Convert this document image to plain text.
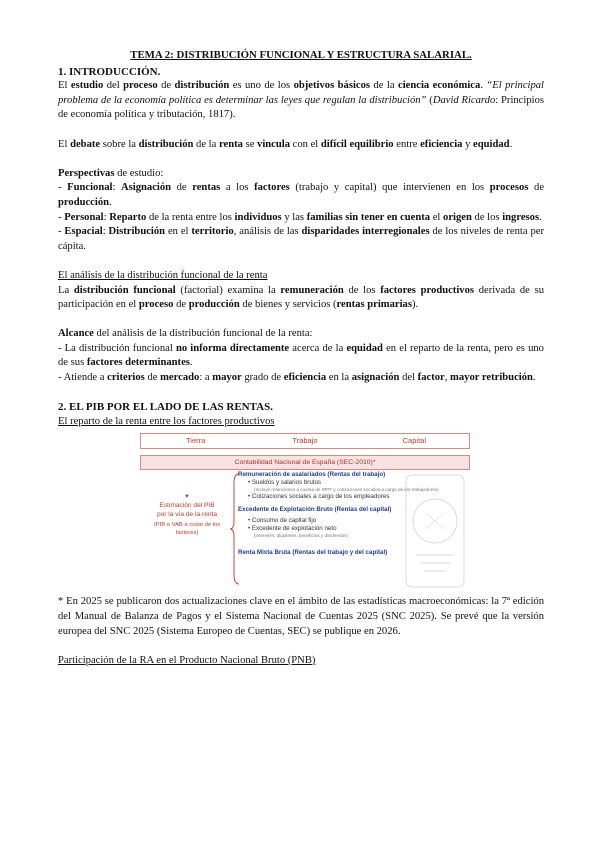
TEMA 2: DISTRIBUCIÓN FUNCIONAL Y ESTRUCTURA SALARIAL.
1. INTRODUCCIÓN.

El estudio del proceso de distribución es uno de los objetivos básicos de la ciencia económica. “El principal problema de la economía política es determinar las leyes que regulan la distribución” (David Ricardo: Principios de economía política y tributación, 1817).

El debate sobre la distribución de la renta se vincula con el difícil equilibrio entre eficiencia y equidad.

Perspectivas de estudio:

- Funcional: Asignación de rentas a los factores (trabajo y capital) que intervienen en los procesos de producción.

- Personal: Reparto de la renta entre los individuos y las familias sin tener en cuenta el origen de los ingresos.

- Espacial: Distribución en el territorio, análisis de las disparidades interregionales de los niveles de renta per cápita.

El análisis de la distribución funcional de la renta

La distribución funcional (factorial) examina la remuneración de los factores productivos derivada de su participación en el proceso de producción de bienes y servicios (rentas primarias).

Alcance del análisis de la distribución funcional de la renta:

- La distribución funcional no informa directamente acerca de la equidad en el reparto de la renta, pero es uno de sus factores determinantes.

- Atiende a criterios de mercado: a mayor grado de eficiencia en la asignación del factor, mayor retribución.

2. EL PIB POR EL LADO DE LAS RENTAS.

El reparto de la renta entre los factores productivos

Tierra	Trabajo	Capital
Contabilidad Nacional de España (SEC-2010)*
▼
Estimación del PIB
por la vía de la renta
(PIB o VAB a coste de los
factores)
Remuneración de asalariados (Rentas del trabajo)
• Sueldos y salarios brutos
(Incluye retenciones a cuenta de IRPF y cotizaciones sociales a cargo de los trabajadores)
• Cotizaciones sociales a cargo de los empleadores
Excedente de Explotación Bruto (Rentas del capital)
• Consumo de capital fijo
• Excedente de explotación neto
(intereses, alquileres, beneficios y dividendos)
Renta Mixta Bruta (Rentas del trabajo y del capital)

* En 2025 se publicaron dos actualizaciones clave en el ámbito de las estadísticas macroeconómicas: la 7ª edición del Manual de Balanza de Pagos y el Sistema Nacional de Cuentas 2025 (SNC 2025). Se prevé que la versión europea del SNC 2025 (Sistema Europeo de Cuentas, SEC) se publique en 2026.

Participación de la RA en el Producto Nacional Bruto (PNB)
